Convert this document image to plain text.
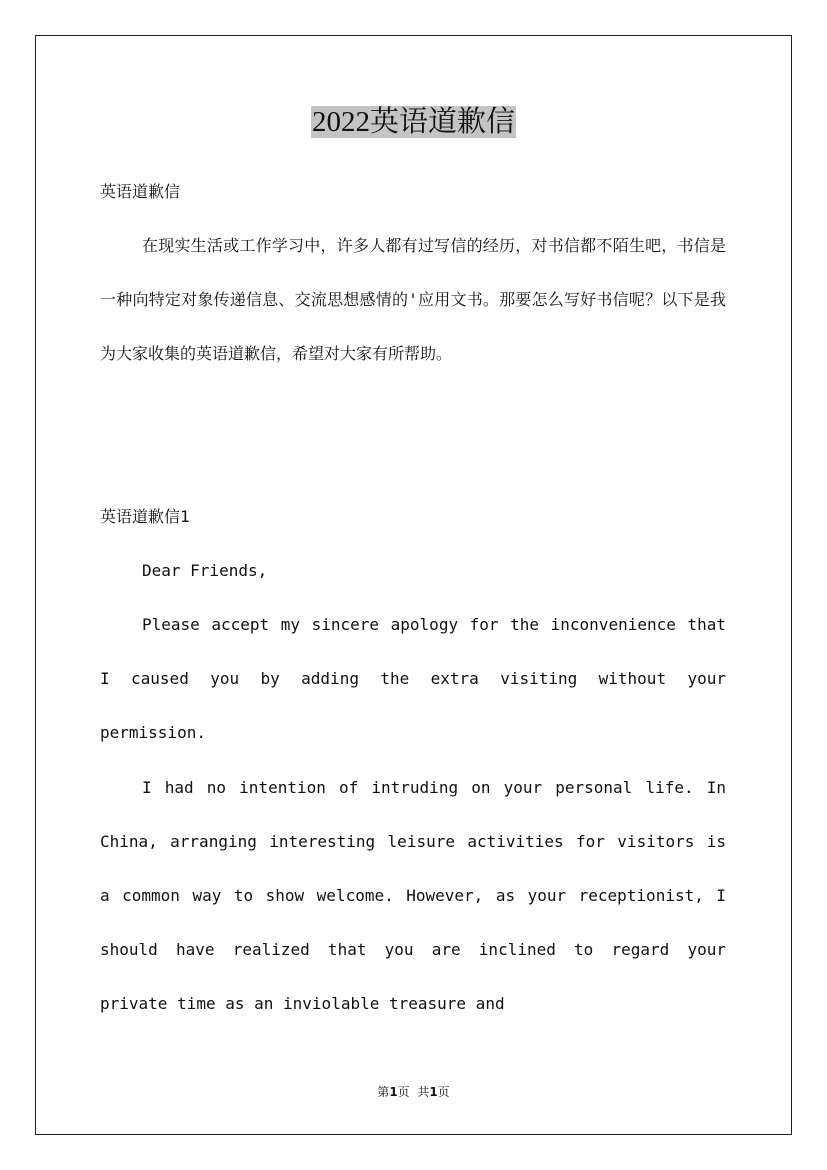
2022英语道歉信

英语道歉信

在现实生活或工作学习中，许多人都有过写信的经历，对书信都不陌生吧，书信是一种向特定对象传递信息、交流思想感情的'应用文书。那要怎么写好书信呢？以下是我为大家收集的英语道歉信，希望对大家有所帮助。

英语道歉信1

Dear Friends,

Please accept my sincere apology for the inconvenience that I caused you by adding the extra visiting without your permission.

I had no intention of intruding on your personal life. In China, arranging interesting leisure activities for visitors is a common way to show welcome. However, as your receptionist, I should have realized that you are inclined to regard your private time as an inviolable treasure and

第1页  共1页
